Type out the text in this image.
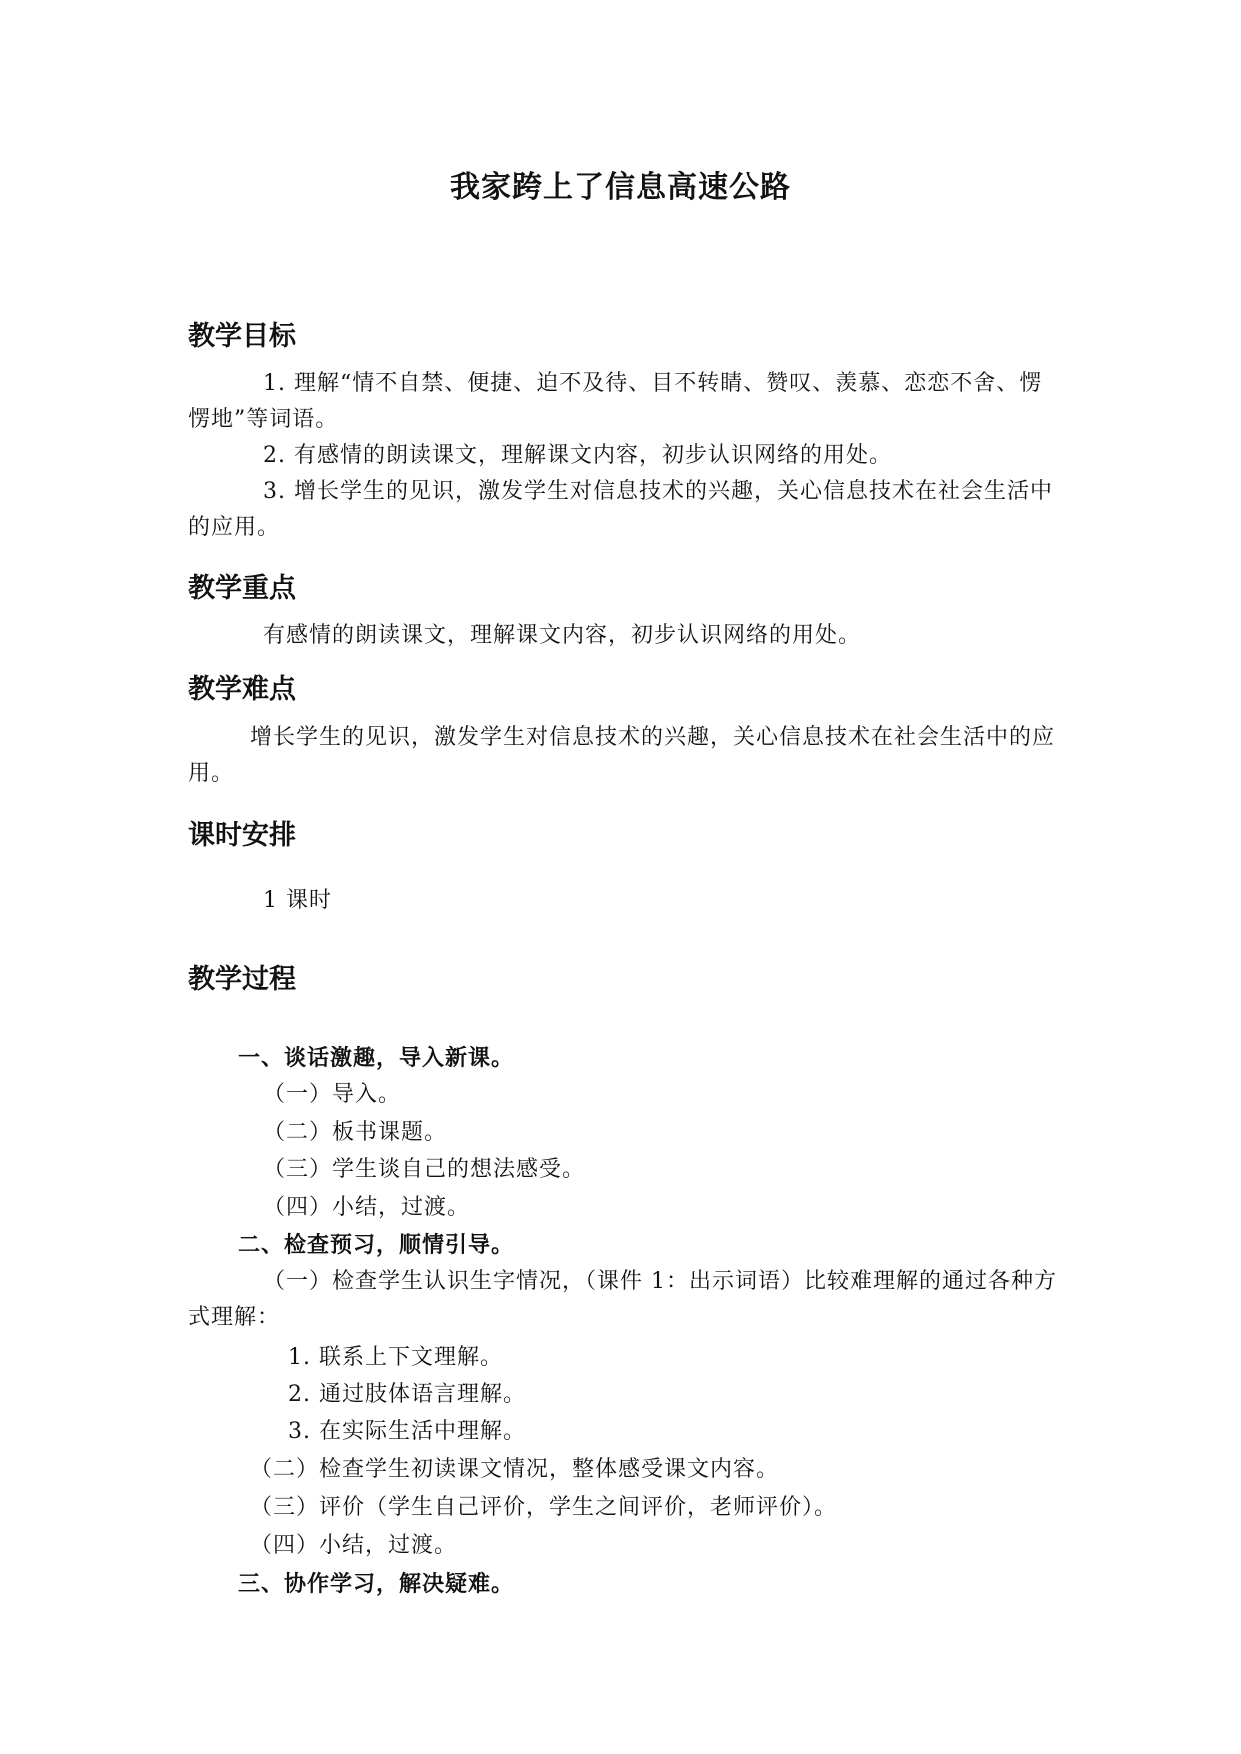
我家跨上了信息高速公路
教学目标

1. 理解“情不自禁、便捷、迫不及待、目不转睛、赞叹、羡慕、恋恋不舍、愣愣地”等词语。

2. 有感情的朗读课文，理解课文内容，初步认识网络的用处。

3. 增长学生的见识，激发学生对信息技术的兴趣，关心信息技术在社会生活中的应用。

教学重点

有感情的朗读课文，理解课文内容，初步认识网络的用处。

教学难点

增长学生的见识，激发学生对信息技术的兴趣，关心信息技术在社会生活中的应用。

课时安排

1 课时

教学过程

一、谈话激趣，导入新课。

（一）导入。

（二）板书课题。

（三）学生谈自己的想法感受。

（四）小结，过渡。

二、检查预习，顺情引导。

（一）检查学生认识生字情况，（课件 1：出示词语）比较难理解的通过各种方式理解：

1. 联系上下文理解。

2. 通过肢体语言理解。

3. 在实际生活中理解。

（二）检查学生初读课文情况，整体感受课文内容。

（三）评价（学生自己评价，学生之间评价，老师评价）。

（四）小结，过渡。

三、协作学习，解决疑难。
